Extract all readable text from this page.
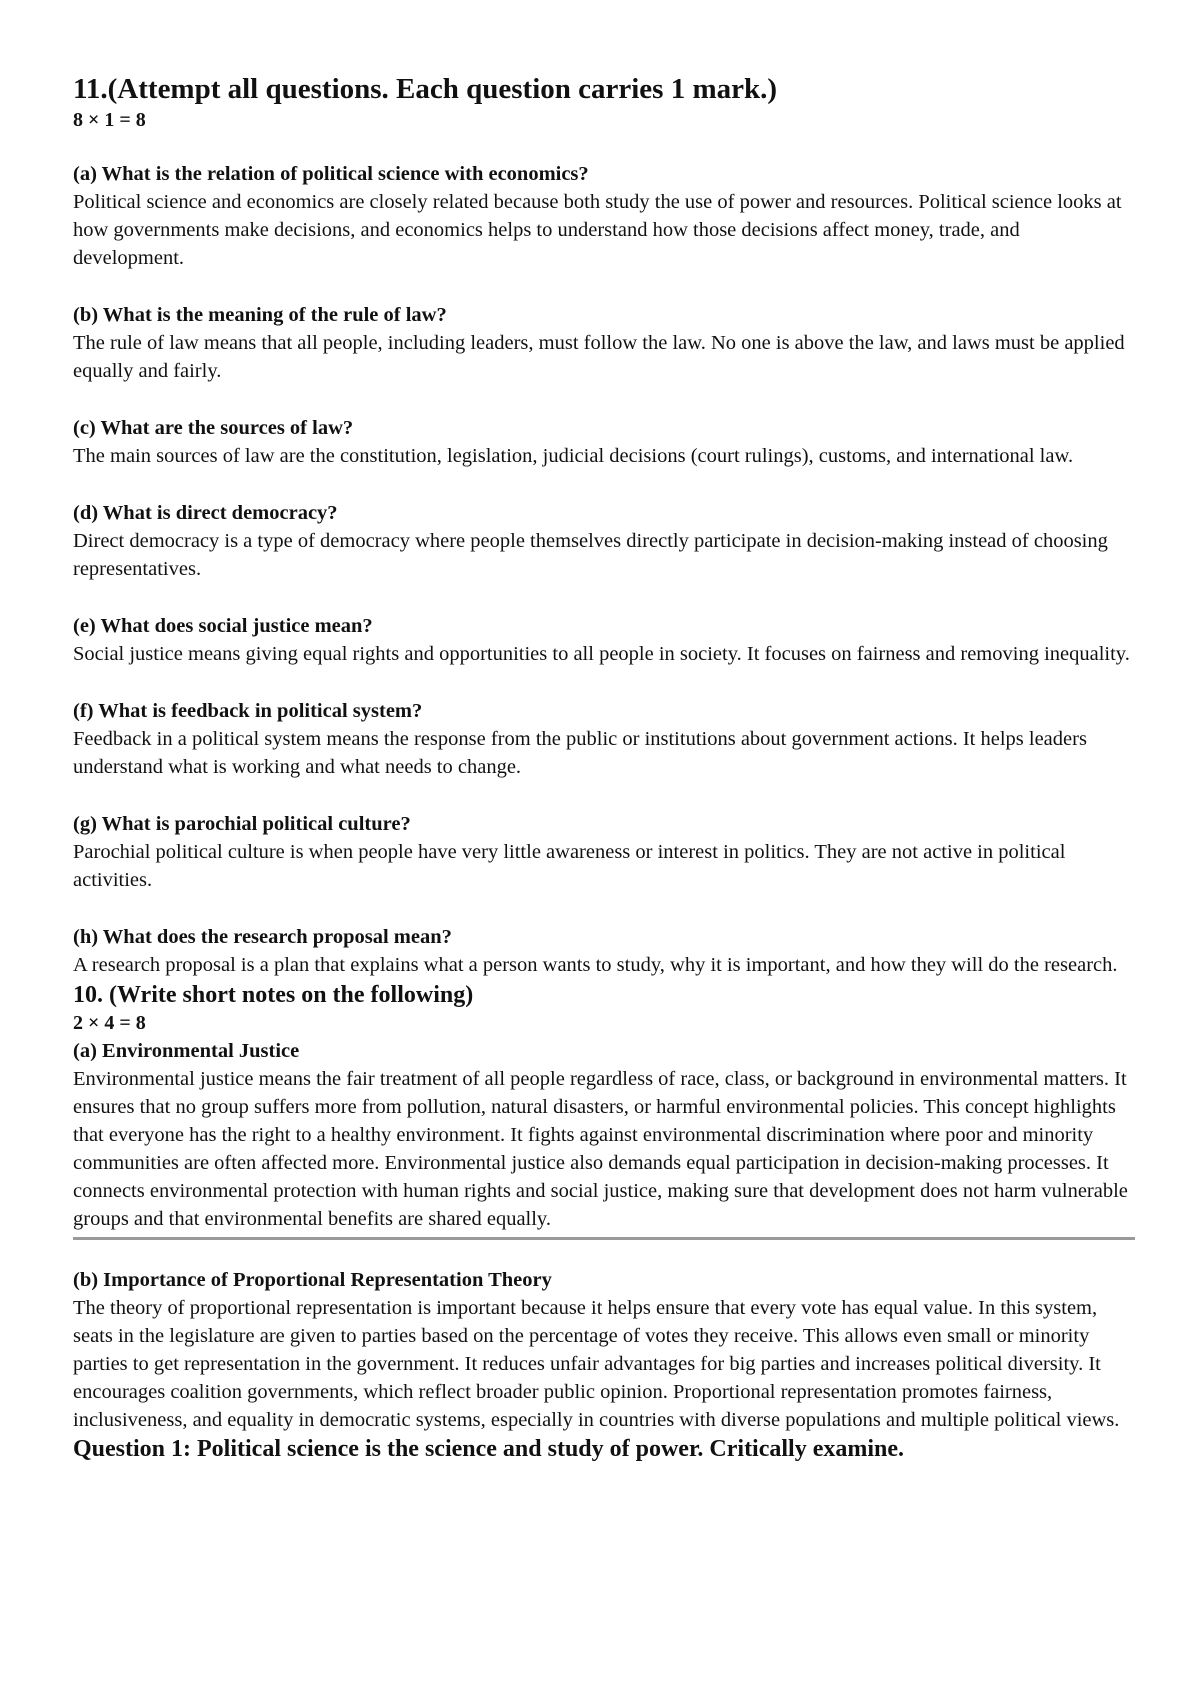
11.(Attempt all questions. Each question carries 1 mark.)
8 × 1 = 8

(a) What is the relation of political science with economics?

Political science and economics are closely related because both study the use of power and resources. Political science looks at how governments make decisions, and economics helps to understand how those decisions affect money, trade, and development.

(b) What is the meaning of the rule of law?

The rule of law means that all people, including leaders, must follow the law. No one is above the law, and laws must be applied equally and fairly.

(c) What are the sources of law?

The main sources of law are the constitution, legislation, judicial decisions (court rulings), customs, and international law.

(d) What is direct democracy?

Direct democracy is a type of democracy where people themselves directly participate in decision-making instead of choosing representatives.

(e) What does social justice mean?

Social justice means giving equal rights and opportunities to all people in society. It focuses on fairness and removing inequality.

(f) What is feedback in political system?

Feedback in a political system means the response from the public or institutions about government actions. It helps leaders understand what is working and what needs to change.

(g) What is parochial political culture?

Parochial political culture is when people have very little awareness or interest in politics. They are not active in political activities.

(h) What does the research proposal mean?

A research proposal is a plan that explains what a person wants to study, why it is important, and how they will do the research.

10. (Write short notes on the following)
2 × 4 = 8

(a) Environmental Justice

Environmental justice means the fair treatment of all people regardless of race, class, or background in environmental matters. It ensures that no group suffers more from pollution, natural disasters, or harmful environmental policies. This concept highlights that everyone has the right to a healthy environment. It fights against environmental discrimination where poor and minority communities are often affected more. Environmental justice also demands equal participation in decision-making processes. It connects environmental protection with human rights and social justice, making sure that development does not harm vulnerable groups and that environmental benefits are shared equally.

(b) Importance of Proportional Representation Theory

The theory of proportional representation is important because it helps ensure that every vote has equal value. In this system, seats in the legislature are given to parties based on the percentage of votes they receive. This allows even small or minority parties to get representation in the government. It reduces unfair advantages for big parties and increases political diversity. It encourages coalition governments, which reflect broader public opinion. Proportional representation promotes fairness, inclusiveness, and equality in democratic systems, especially in countries with diverse populations and multiple political views.

Question 1: Political science is the science and study of power. Critically examine.
